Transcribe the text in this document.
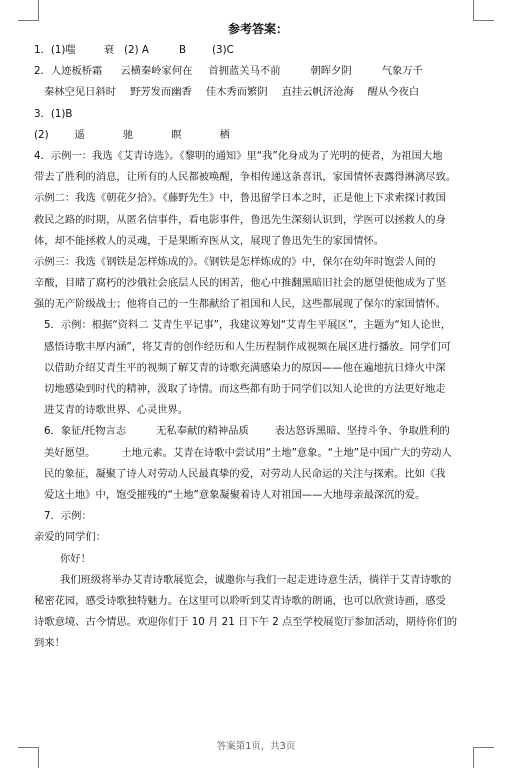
参考答案：
1．(1)嗤	衰 (2) A	B	(3)C
2．人迹板桥霜 云横秦岭家何在 首拥蓝关马不前	朝晖夕阴	气象万千
秦林空见日斜时 野芳发而幽香 佳木秀而繁阴 直挂云帆济沧海 醒从今夜白
3．(1)B
(2)	遥	驰	瞑	栖
4．示例一：我选《艾青诗选》。《黎明的通知》里“我”化身成为了光明的使者，为祖国大地
带去了胜利的消息，让所有的人民都被唤醒，争相传递这条喜讯，家国情怀表露得淋漓尽致。
示例二：我选《朝花夕拾》。《藤野先生》中，鲁迅留学日本之时，正是他上下求索探讨救国
救民之路的时期，从匿名信事件，看电影事件，鲁迅先生深刻认识到，学医可以拯救人的身
体，却不能拯救人的灵魂，于是果断弃医从文，展现了鲁迅先生的家国情怀。
示例三：我选《钢铁是怎样炼成的》。《钢铁是怎样炼成的》中，保尔在幼年时饱尝人间的
辛酸，目睹了腐朽的沙俄社会底层人民的困苦，他心中推翻黑暗旧社会的愿望使他成为了坚
强的无产阶级战士；他将自己的一生都献给了祖国和人民，这些都展现了保尔的家国情怀。
5．示例：根据“资料二 艾青生平记事”，我建议筹划“艾青生平展区”，主题为“知人论世，
感悟诗歌丰厚内涵”，将艾青的创作经历和人生历程制作成视频在展区进行播放。同学们可
以借助介绍艾青生平的视频了解艾青的诗歌充满感染力的原因——他在遍地抗日烽火中深
切地感染到时代的精神，汲取了诗情。而这些都有助于同学们以知人论世的方法更好地走
进艾青的诗歌世界、心灵世界。
6．象征/托物言志	无私奉献的精神品质	表达怒诉黑暗、坚持斗争、争取胜利的
美好愿望。	土地元素。艾青在诗歌中尝试用“土地”意象。“土地”是中国广大的劳动人
民的象征，凝聚了诗人对劳动人民最真挚的爱，对劳动人民命运的关注与探索。比如《我
爱这土地》中，饱受摧残的“土地”意象凝聚着诗人对祖国——大地母亲最深沉的爱。
7．示例：
亲爱的同学们：
你好！
我们班级将举办艾青诗歌展览会，诚邀你与我们一起走进诗意生活，徜徉于艾青诗歌的
秘密花园，感受诗歌独特魅力。在这里可以聆听到艾青诗歌的朗诵，也可以欣赏诗画，感受
诗歌意境、古今情思。欢迎你们于 10 月 21 日下午 2 点至学校展览厅参加活动，期待你们的
到来！
答案第1页，共3页
